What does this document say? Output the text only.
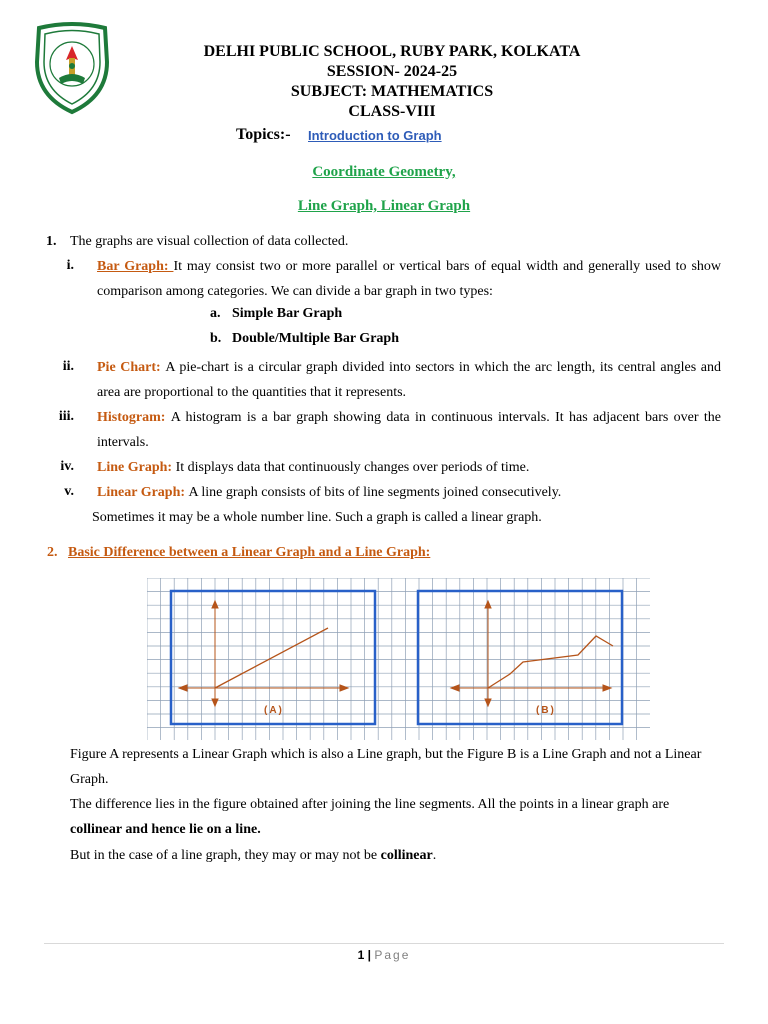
DELHI PUBLIC SCHOOL, RUBY PARK, KOLKATA
SESSION- 2024-25
SUBJECT: MATHEMATICS
CLASS-VIII
Topics:- Introduction to Graph
Coordinate Geometry,
Line Graph, Linear Graph
1. The graphs are visual collection of data collected.
i. Bar Graph: It may consist two or more parallel or vertical bars of equal width and generally used to show comparison among categories. We can divide a bar graph in two types:
a. Simple Bar Graph
b. Double/Multiple Bar Graph
ii. Pie Chart: A pie-chart is a circular graph divided into sectors in which the arc length, its central angles and area are proportional to the quantities that it represents.
iii. Histogram: A histogram is a bar graph showing data in continuous intervals. It has adjacent bars over the intervals.
iv. Line Graph: It displays data that continuously changes over periods of time.
v. Linear Graph: A line graph consists of bits of line segments joined consecutively.
Sometimes it may be a whole number line. Such a graph is called a linear graph.
2. Basic Difference between a Linear Graph and a Line Graph:
(A)	(B)
Figure A represents a Linear Graph which is also a Line graph, but the Figure B is a Line Graph and not a Linear Graph.
The difference lies in the figure obtained after joining the line segments. All the points in a linear graph are collinear and hence lie on a line.
But in the case of a line graph, they may or may not be collinear.
1 | Page
